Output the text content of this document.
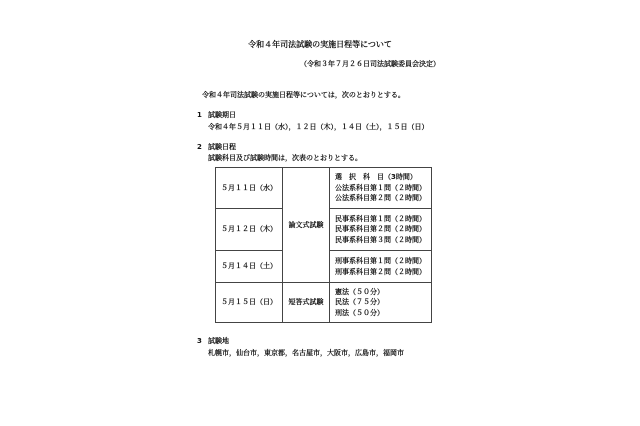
令和４年司法試験の実施日程等について
（令和３年７月２６日司法試験委員会決定）
令和４年司法試験の実施日程等については，次のとおりとする。
1 試験期日
令和４年５月１１日（水），１２日（木），１４日（土），１５日（日）
2 試験日程
試験科目及び試験時間は，次表のとおりとする。
５月１１日（水）	論文式試験	選　択　科　目（3時間）
公法系科目第１問（２時間）
公法系科目第２問（２時間）

５月１２日（木）		民事系科目第１問（２時間）
民事系科目第２問（２時間）
民事系科目第３問（２時間）

５月１４日（土）		刑事系科目第１問（２時間）
刑事系科目第２問（２時間）

５月１５日（日）	短答式試験	憲法（５０分）
民法（７５分）
刑法（５０分）
3 試験地
札幌市，仙台市，東京都，名古屋市，大阪市，広島市，福岡市
